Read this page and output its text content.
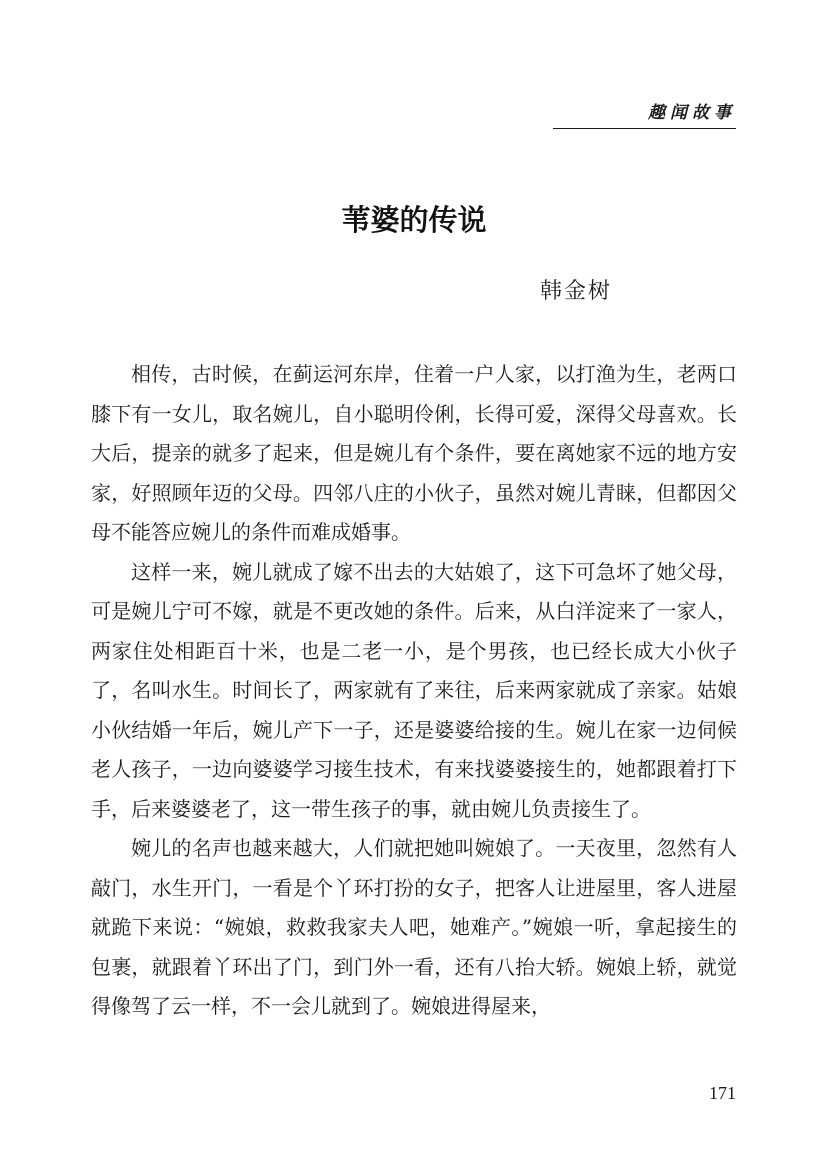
趣闻故事
苇婆的传说
韩金树

相传，古时候，在蓟运河东岸，住着一户人家，以打渔为生，老两口膝下有一女儿，取名婉儿，自小聪明伶俐，长得可爱，深得父母喜欢。长大后，提亲的就多了起来，但是婉儿有个条件，要在离她家不远的地方安家，好照顾年迈的父母。四邻八庄的小伙子，虽然对婉儿青睐，但都因父母不能答应婉儿的条件而难成婚事。

这样一来，婉儿就成了嫁不出去的大姑娘了，这下可急坏了她父母，可是婉儿宁可不嫁，就是不更改她的条件。后来，从白洋淀来了一家人，两家住处相距百十米，也是二老一小，是个男孩，也已经长成大小伙子了，名叫水生。时间长了，两家就有了来往，后来两家就成了亲家。姑娘小伙结婚一年后，婉儿产下一子，还是婆婆给接的生。婉儿在家一边伺候老人孩子，一边向婆婆学习接生技术，有来找婆婆接生的，她都跟着打下手，后来婆婆老了，这一带生孩子的事，就由婉儿负责接生了。

婉儿的名声也越来越大，人们就把她叫婉娘了。一天夜里，忽然有人敲门，水生开门，一看是个丫环打扮的女子，把客人让进屋里，客人进屋就跪下来说：“婉娘，救救我家夫人吧，她难产。”婉娘一听，拿起接生的包裹，就跟着丫环出了门，到门外一看，还有八抬大轿。婉娘上轿，就觉得像驾了云一样，不一会儿就到了。婉娘进得屋来，

171
